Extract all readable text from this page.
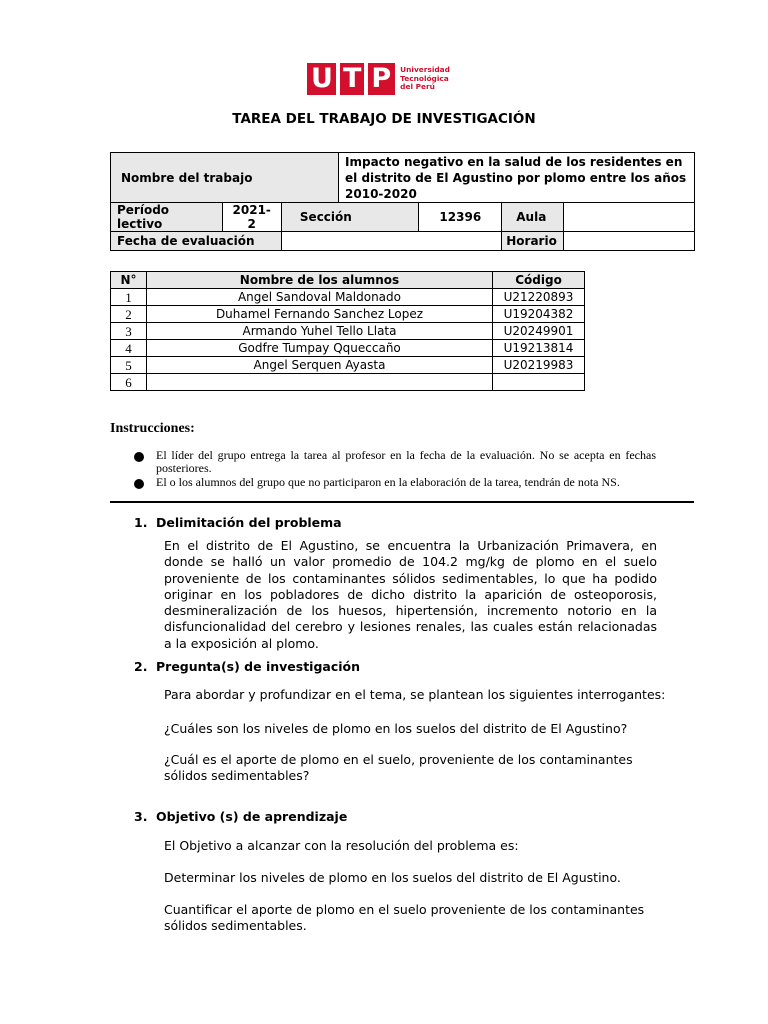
U T P Universidad
Tecnológica
del Perú
TAREA DEL TRABAJO DE INVESTIGACIÓN
Nombre del trabajo			Impacto negativo en la salud de los residentes en el distrito de El Agustino por plomo entre los años 2010-2020			
Período lectivo	2021-2	Sección		12396	Aula	
Fecha de evaluación					Horario	
N°	Nombre de los alumnos	Código
1	Angel Sandoval Maldonado	U21220893
2	Duhamel Fernando Sanchez Lopez	U19204382
3	Armando Yuhel Tello Llata	U20249901
4	Godfre Tumpay Qqueccaño	U19213814
5	Angel Serquen Ayasta	U20219983
6		
Instrucciones:
El líder del grupo entrega la tarea al profesor en la fecha de la evaluación. No se acepta en fechas posteriores.
El o los alumnos del grupo que no participaron en la elaboración de la tarea, tendrán de nota NS.
1. Delimitación del problema
En el distrito de El Agustino, se encuentra la Urbanización Primavera, en donde se halló un valor promedio de 104.2 mg/kg de plomo en el suelo proveniente de los contaminantes sólidos sedimentables, lo que ha podido originar en los pobladores de dicho distrito la aparición de osteoporosis, desmineralización de los huesos, hipertensión, incremento notorio en la disfuncionalidad del cerebro y lesiones renales, las cuales están relacionadas a la exposición al plomo.
2. Pregunta(s) de investigación
Para abordar y profundizar en el tema, se plantean los siguientes interrogantes:
¿Cuáles son los niveles de plomo en los suelos del distrito de El Agustino?
¿Cuál es el aporte de plomo en el suelo, proveniente de los contaminantes sólidos sedimentables?
3. Objetivo (s) de aprendizaje
El Objetivo a alcanzar con la resolución del problema es:
Determinar los niveles de plomo en los suelos del distrito de El Agustino.
Cuantificar el aporte de plomo en el suelo proveniente de los contaminantes sólidos sedimentables.
